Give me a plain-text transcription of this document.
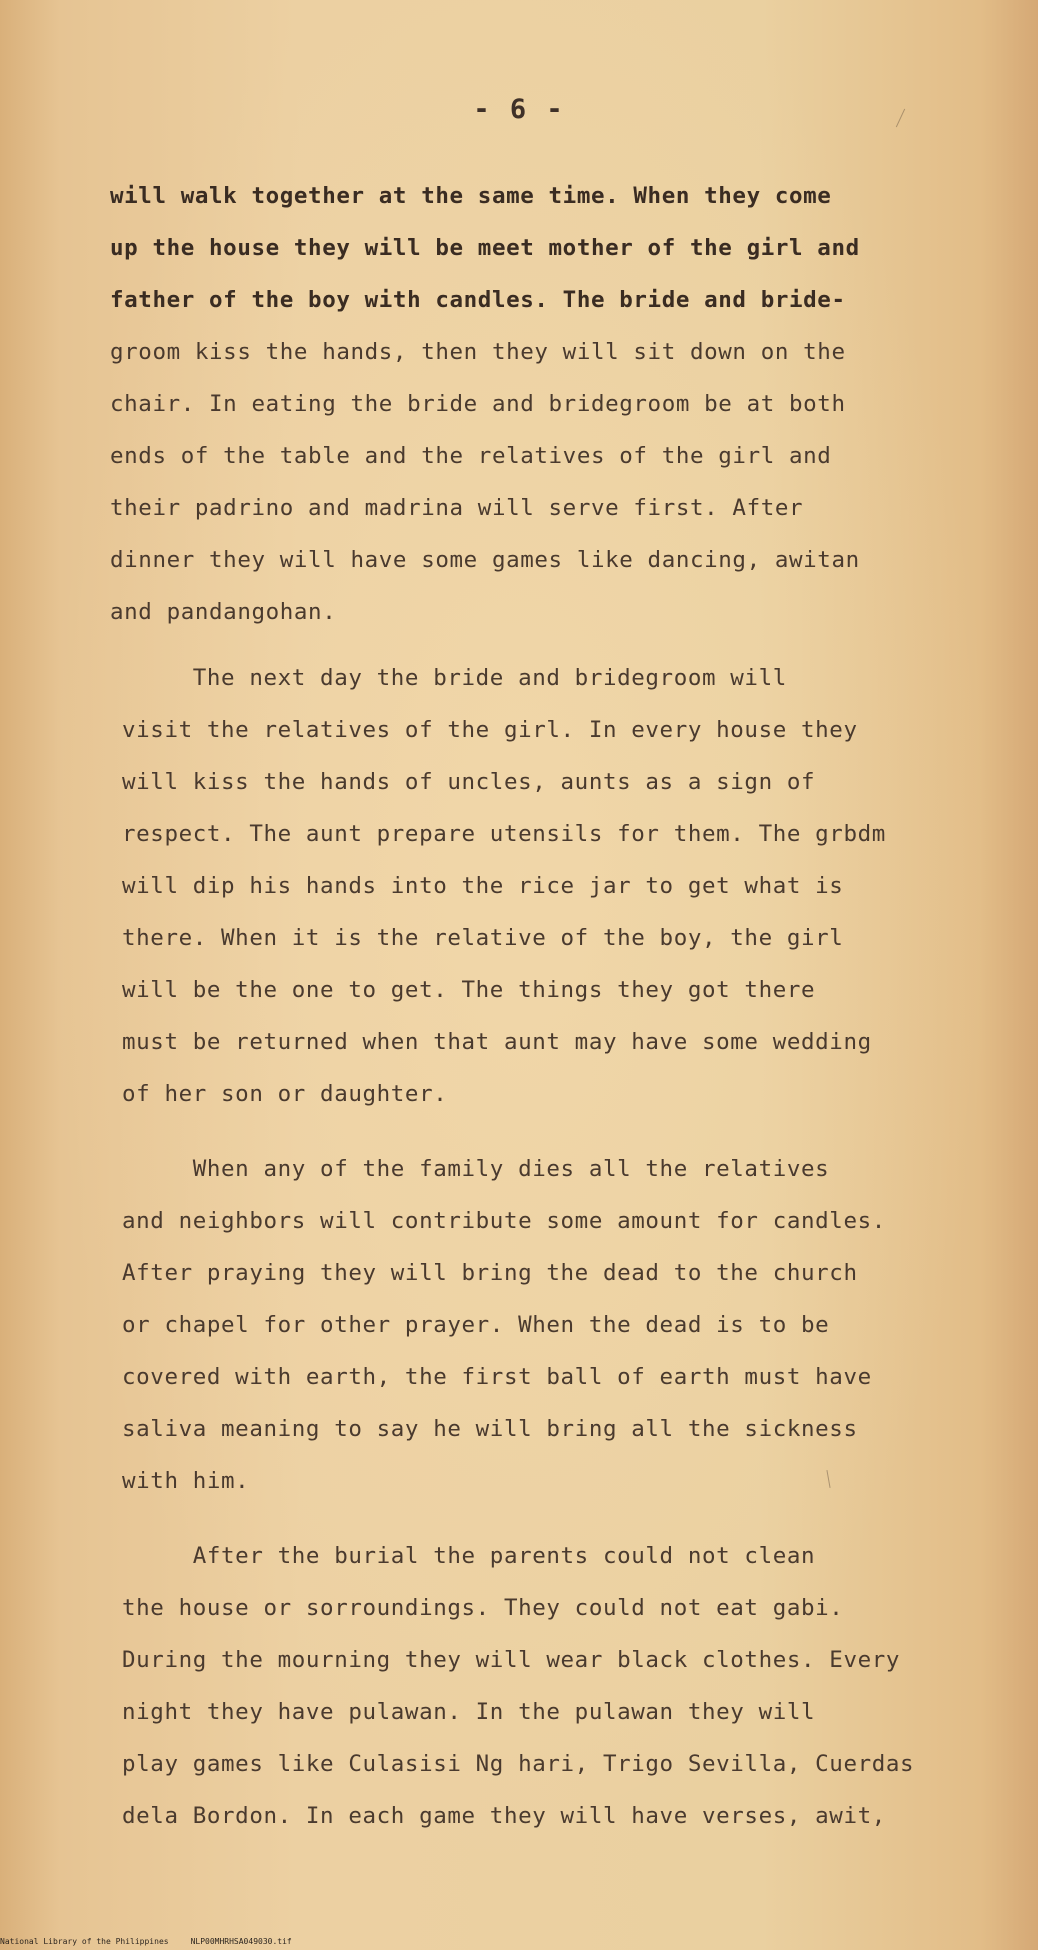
- 6 -
will walk together at the same time. When they come
up the house they will be meet mother of the girl and
father of the boy with candles. The bride and bride-
groom kiss the hands, then they will sit down on the
chair. In eating the bride and bridegroom be at both
ends of the table and the relatives of the girl and
their padrino and madrina will serve first. After
dinner they will have some games like dancing, awitan
and pandangohan.
The next day the bride and bridegroom will
visit the relatives of the girl. In every house they
will kiss the hands of uncles, aunts as a sign of
respect. The aunt prepare utensils for them. The grbdm
will dip his hands into the rice jar to get what is
there. When it is the relative of the boy, the girl
will be the one to get. The things they got there
must be returned when that aunt may have some wedding
of her son or daughter.
When any of the family dies all the relatives
and neighbors will contribute some amount for candles.
After praying they will bring the dead to the church
or chapel for other prayer. When the dead is to be
covered with earth, the first ball of earth must have
saliva meaning to say he will bring all the sickness
with him.
After the burial the parents could not clean
the house or sorroundings. They could not eat gabi.
During the mourning they will wear black clothes. Every
night they have pulawan. In the pulawan they will
play games like Culasisi Ng hari, Trigo Sevilla, Cuerdas
dela Bordon. In each game they will have verses, awit,
National Library of the Philippines	NLP00MHRHSA049030.tif
